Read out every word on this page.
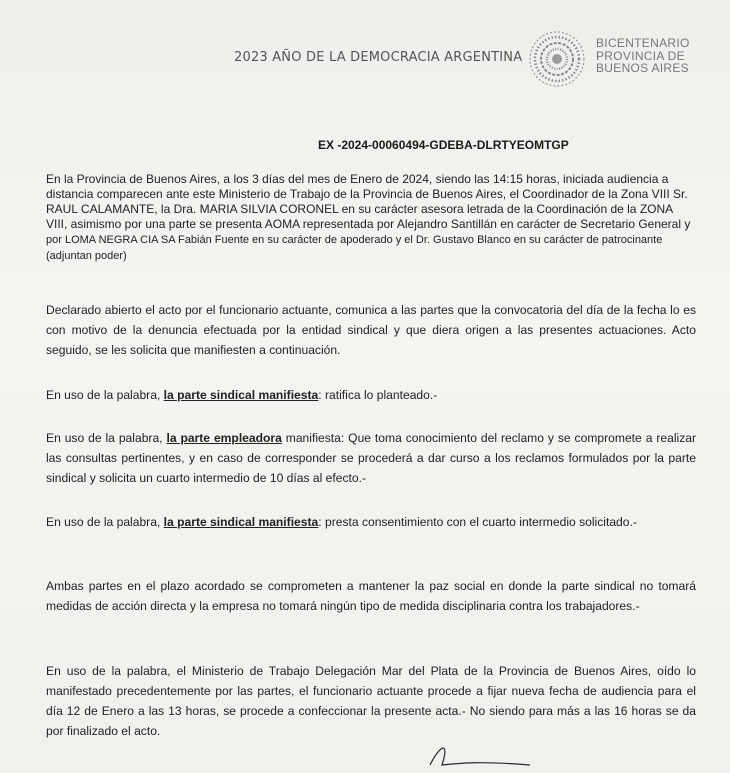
2023 AÑO DE LA DEMOCRACIA ARGENTINA
BICENTENARIO
PROVINCIA DE
BUENOS AIRES
EX -2024-00060494-GDEBA-DLRTYEOMTGP
En la Provincia de Buenos Aires, a los 3 días del mes de Enero de 2024, siendo las 14:15 horas, iniciada audiencia a distancia comparecen ante este Ministerio de Trabajo de la Provincia de Buenos Aires, el Coordinador de la Zona VIII Sr. RAUL CALAMANTE, la Dra. MARIA SILVIA CORONEL en su carácter asesora letrada de la Coordinación de la ZONA VIII, asimismo por una parte se presenta AOMA representada por Alejandro Santillán en carácter de Secretario General y por LOMA NEGRA CIA SA Fabián Fuente en su carácter de apoderado y el Dr. Gustavo Blanco en su carácter de patrocinante (adjuntan poder)
Declarado abierto el acto por el funcionario actuante, comunica a las partes que la convocatoria del día de la fecha lo es con motivo de la denuncia efectuada por la entidad sindical y que diera origen a las presentes actuaciones. Acto seguido, se les solicita que manifiesten a continuación.
En uso de la palabra, la parte sindical manifiesta: ratifica lo planteado.-
En uso de la palabra, la parte empleadora manifiesta: Que toma conocimiento del reclamo y se compromete a realizar las consultas pertinentes, y en caso de corresponder se procederá a dar curso a los reclamos formulados por la parte sindical y solicita un cuarto intermedio de 10 días al efecto.-
En uso de la palabra, la parte sindical manifiesta: presta consentimiento con el cuarto intermedio solicitado.-
Ambas partes en el plazo acordado se comprometen a mantener la paz social en donde la parte sindical no tomará medidas de acción directa y la empresa no tomará ningún tipo de medida disciplinaria contra los trabajadores.-
En uso de la palabra, el Ministerio de Trabajo Delegación Mar del Plata de la Provincia de Buenos Aires, oído lo manifestado precedentemente por las partes, el funcionario actuante procede a fijar nueva fecha de audiencia para el día 12 de Enero a las 13 horas, se procede a confeccionar la presente acta.- No siendo para más a las 16 horas se da por finalizado el acto.
